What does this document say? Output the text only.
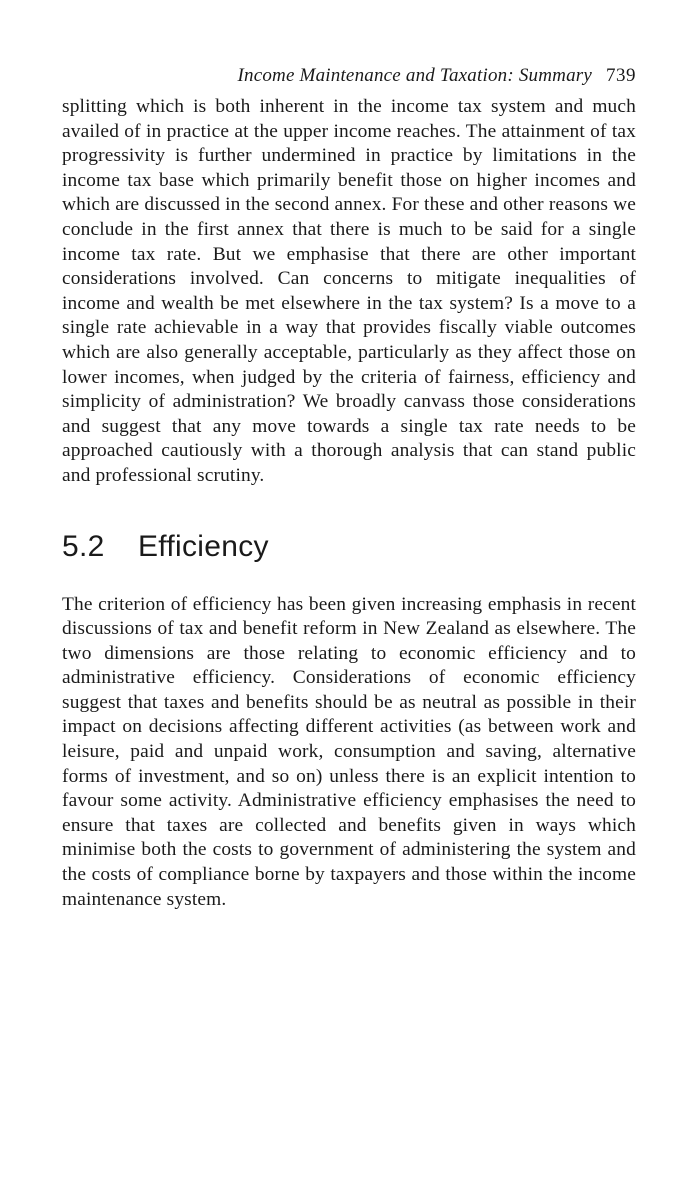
Income Maintenance and Taxation: Summary 739

splitting which is both inherent in the income tax system and much availed of in practice at the upper income reaches. The attainment of tax progressivity is further undermined in practice by limitations in the income tax base which primarily benefit those on higher incomes and which are discussed in the second annex. For these and other reasons we conclude in the first annex that there is much to be said for a single income tax rate. But we emphasise that there are other important considerations involved. Can concerns to mitigate inequalities of income and wealth be met elsewhere in the tax system? Is a move to a single rate achievable in a way that provides fiscally viable outcomes which are also generally acceptable, particularly as they affect those on lower incomes, when judged by the criteria of fairness, efficiency and simplicity of administration? We broadly canvass those considerations and suggest that any move towards a single tax rate needs to be approached cautiously with a thorough analysis that can stand public and professional scrutiny.

5.2 Efficiency

The criterion of efficiency has been given increasing emphasis in recent discussions of tax and benefit reform in New Zealand as elsewhere. The two dimensions are those relating to economic efficiency and to administrative efficiency. Considerations of economic efficiency suggest that taxes and benefits should be as neutral as possible in their impact on decisions affecting different activities (as between work and leisure, paid and unpaid work, consumption and saving, alternative forms of investment, and so on) unless there is an explicit intention to favour some activity. Administrative efficiency emphasises the need to ensure that taxes are collected and benefits given in ways which minimise both the costs to government of administering the system and the costs of compliance borne by taxpayers and those within the income maintenance system.
